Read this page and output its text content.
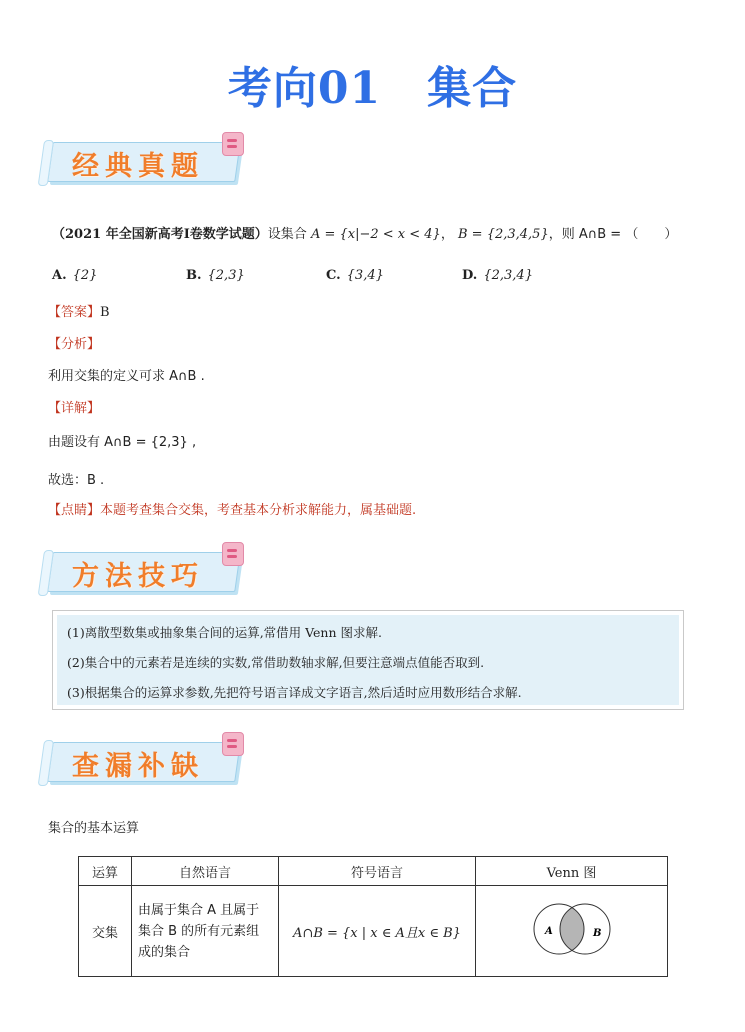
考向01 集合
经典真题
（2021 年全国新高考Ⅰ卷数学试题）设集合 A = {x|−2 < x < 4}， B = {2,3,4,5}，则 A∩B = （　　）
A. {2}	B. {2,3}	C. {3,4}	D. {2,3,4}
【答案】B
【分析】
利用交集的定义可求 A∩B .
【详解】
由题设有 A∩B = {2,3} ,
故选：B .
【点睛】本题考查集合交集，考查基本分析求解能力，属基础题.
方法技巧
(1)离散型数集或抽象集合间的运算,常借用 Venn 图求解.
(2)集合中的元素若是连续的实数,常借助数轴求解,但要注意端点值能否取到.
(3)根据集合的运算求参数,先把符号语言译成文字语言,然后适时应用数形结合求解.
查漏补缺
集合的基本运算
运算	自然语言	符号语言	Venn 图
交集	由属于集合 A 且属于集合 B 的所有元素组成的集合	A∩B = {x | x ∈ A且x ∈ B}	A B
